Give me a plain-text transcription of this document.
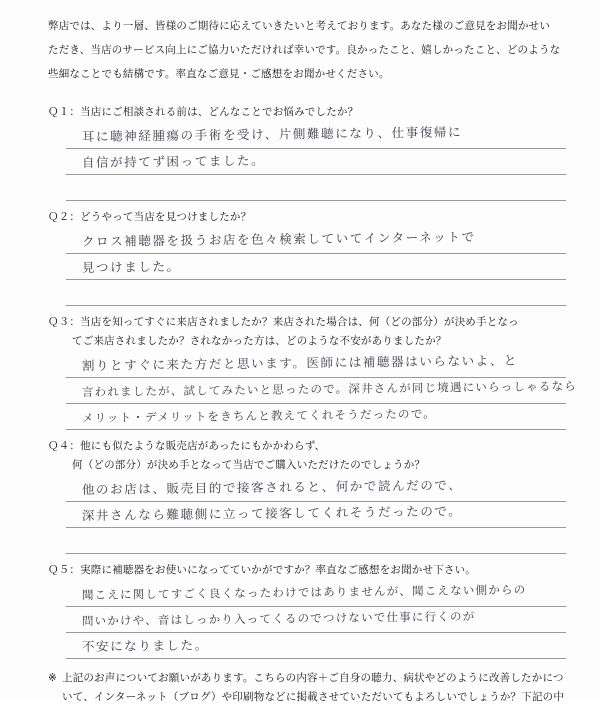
弊店では、より一層、皆様のご期待に応えていきたいと考えております。あなた様のご意見をお聞かせい
ただき、当店のサービス向上にご協力いただければ幸いです。良かったこと、嬉しかったこと、どのような
些細なことでも結構です。率直なご意見・ご感想をお聞かせください。

Ｑ１：当店にご相談される前は、どんなことでお悩みでしたか？

耳に聴神経腫瘍の手術を受け、片側難聴になり、仕事復帰に
自信が持てず困ってました。

Ｑ２：どうやって当店を見つけましたか？

クロス補聴器を扱うお店を色々検索していてインターネットで
見つけました。

Ｑ３：当店を知ってすぐに来店されましたか？来店された場合は、何（どの部分）が決め手となっ

てご来店されましたか？されなかった方は、どのような不安がありましたか？

割りとすぐに来た方だと思います。医師には補聴器はいらないよ、と
言われましたが、試してみたいと思ったので。深井さんが同じ境遇にいらっしゃるなら
メリット・デメリットをきちんと教えてくれそうだったので。

Ｑ４：他にも似たような販売店があったにもかかわらず、

何（どの部分）が決め手となって当店でご購入いただけたのでしょうか？

他のお店は、販売目的で接客されると、何かで読んだので、
深井さんなら難聴側に立って接客してくれそうだったので。

Ｑ５：実際に補聴器をお使いになってていかがですか？率直なご感想をお聞かせ下さい。

聞こえに関してすごく良くなったわけではありませんが、聞こえない側からの
問いかけや、音はしっかり入ってくるのでつけないで仕事に行くのが
不安になりました。
※ 上記のお声についてお願いがあります。こちらの内容＋ご自身の聴力、病状やどのように改善したかにつ
いて、インターネット（ブログ）や印刷物などに掲載させていただいてもよろしいでしょうか？下記の中
